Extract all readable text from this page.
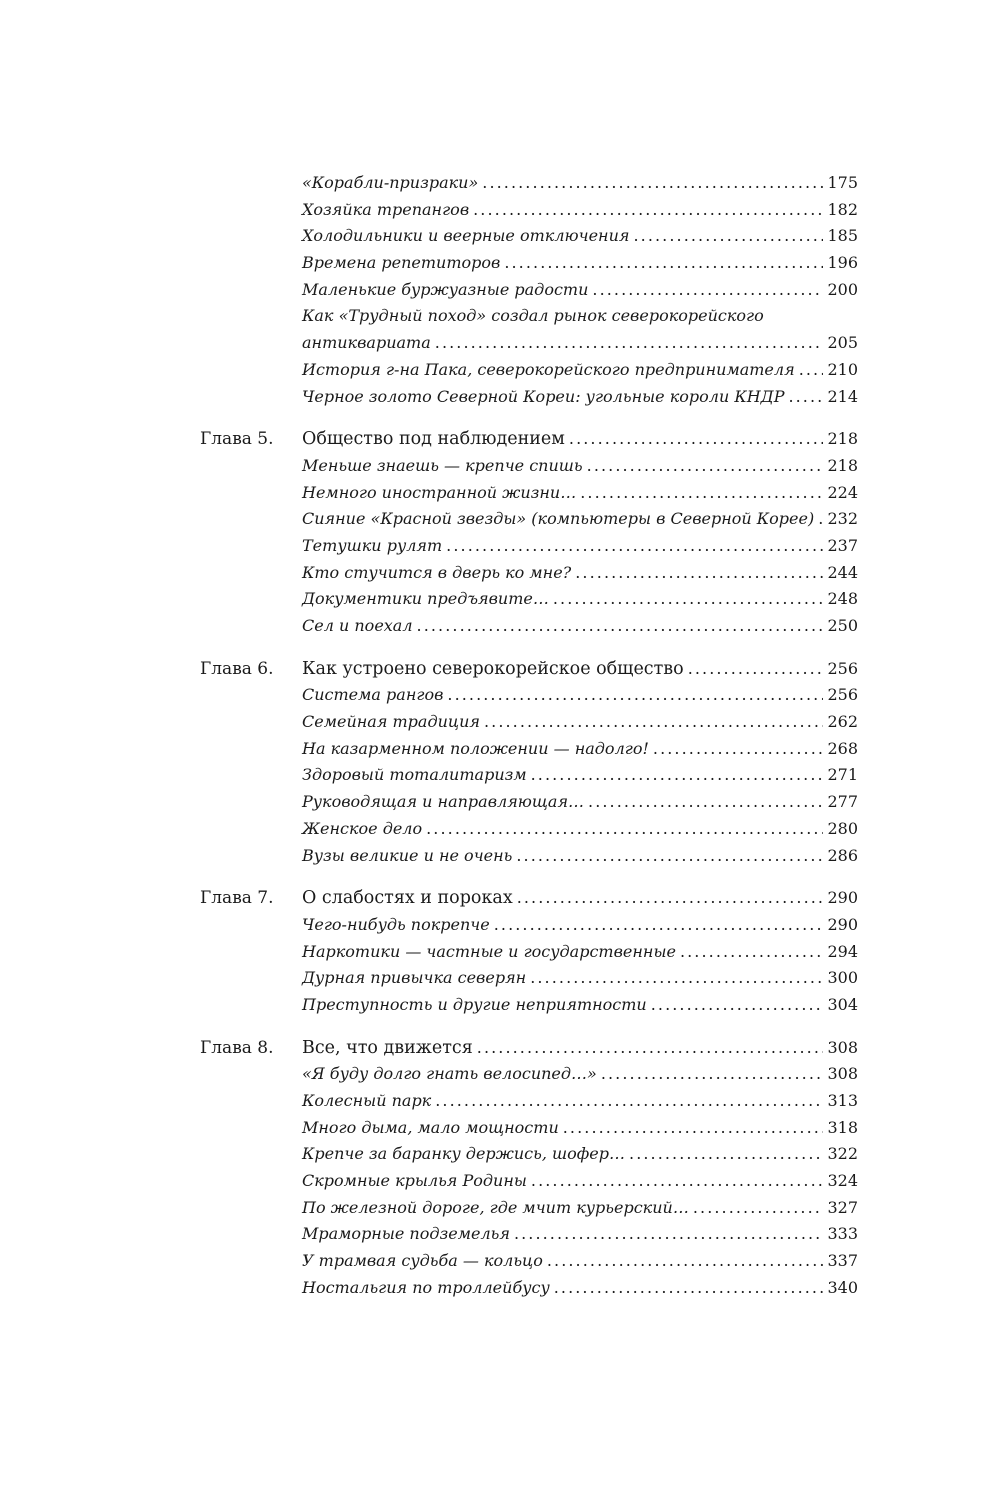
«Корабли-призраки» . . .	175
Хозяйка трепангов . . .	182
Холодильники и веерные отключения . . .	185
Времена репетиторов . . .	196
Маленькие буржуазные радости . . .	200
Как «Трудный поход» создал рынок северокорейского
антиквариата . . .	205
История г-на Пака, северокорейского предпринимателя . . . 210
Черное золото Северной Кореи: угольные короли КНДР . . .	214
Глава 5.	Общество под наблюдением . . .	218
Меньше знаешь — крепче спишь . . .	218
Немного иностранной жизни… . . .	224
Сияние «Красной звезды» (компьютеры в Северной Корее) . . . 232
Тетушки рулят . . .	237
Кто стучится в дверь ко мне? . . .	244
Документики предъявите… . . .	248
Сел и поехал . . .	250
Глава 6.	Как устроено северокорейское общество . . .	256
Система рангов . . .	256
Семейная традиция . . .	262
На казарменном положении — надолго! . . .	268
Здоровый тоталитаризм . . .	271
Руководящая и направляющая… . . .	277
Женское дело . . .	280
Вузы великие и не очень . . .	286
Глава 7.	О слабостях и пороках . . .	290
Чего-нибудь покрепче . . .	290
Наркотики — частные и государственные . . .	294
Дурная привычка северян . . .	300
Преступность и другие неприятности . . .	304
Глава 8.	Все, что движется . . .	308
«Я буду долго гнать велосипед…» . . .	308
Колесный парк . . .	313
Много дыма, мало мощности . . .	318
Крепче за баранку держись, шофер… . . .	322
Скромные крылья Родины . . .	324
По железной дороге, где мчит курьерский… . . .	327
Мраморные подземелья . . .	333
У трамвая судьба — кольцо . . .	337
Ностальгия по троллейбусу . . .	340
